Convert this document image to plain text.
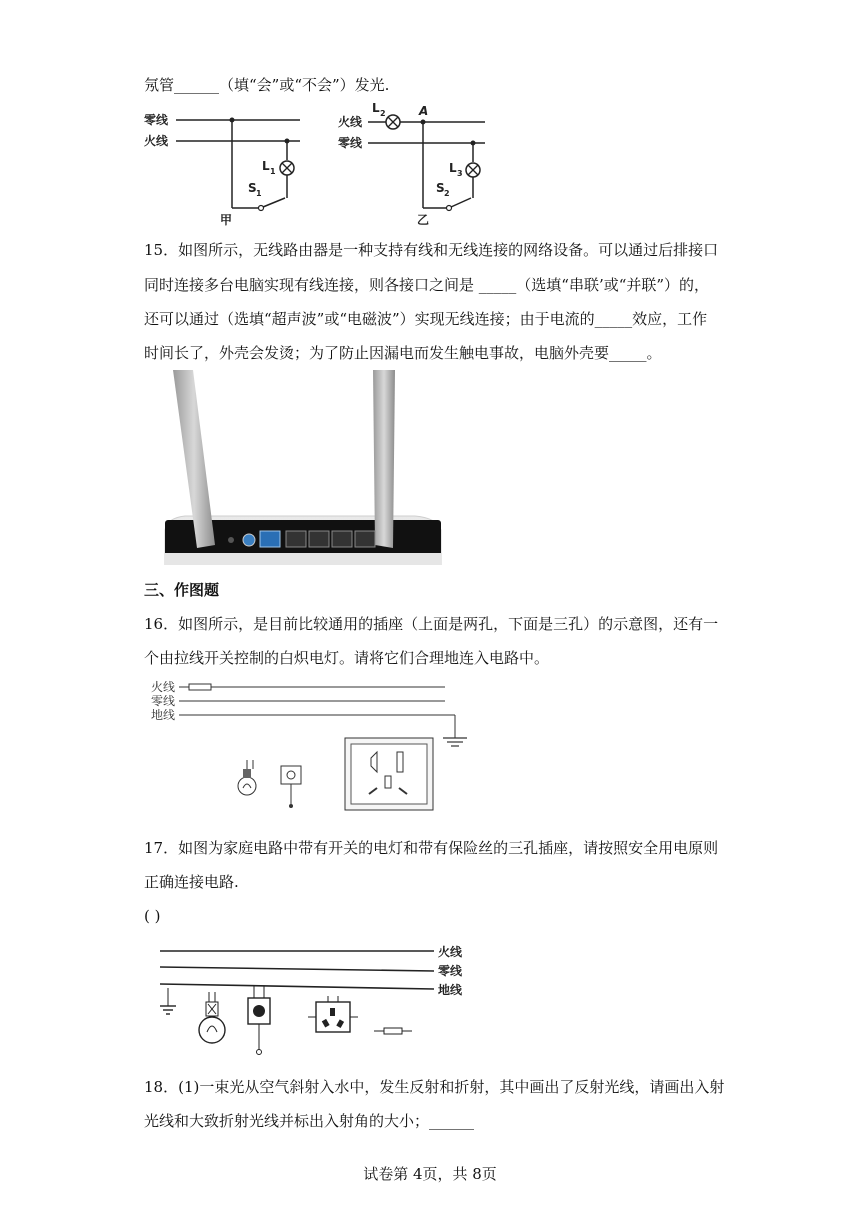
氖管______（填“会”或“不会”）发光.
零线
火线
L 1
S 1
甲
火线
零线
L 2	A
L 3
S 2
乙
15．如图所示，无线路由器是一种支持有线和无线连接的网络设备。可以通过后排接口
同时连接多台电脑实现有线连接，则各接口之间是 _____（选填“串联’或“并联”）的，
还可以通过（选填“超声波”或“电磁波”）实现无线连接；由于电流的_____效应，工作
时间长了，外壳会发烫；为了防止因漏电而发生触电事故，电脑外壳要_____。
三、作图题
16．如图所示，是目前比较通用的插座（上面是两孔，下面是三孔）的示意图，还有一
个由拉线开关控制的白炽电灯。请将它们合理地连入电路中。
火线
零线
地线
17．如图为家庭电路中带有开关的电灯和带有保险丝的三孔插座，请按照安全用电原则
正确连接电路.
( )
火线
零线
地线
18．(1)一束光从空气斜射入水中，发生反射和折射，其中画出了反射光线，请画出入射
光线和大致折射光线并标出入射角的大小；______
试卷第 4页，共 8页
